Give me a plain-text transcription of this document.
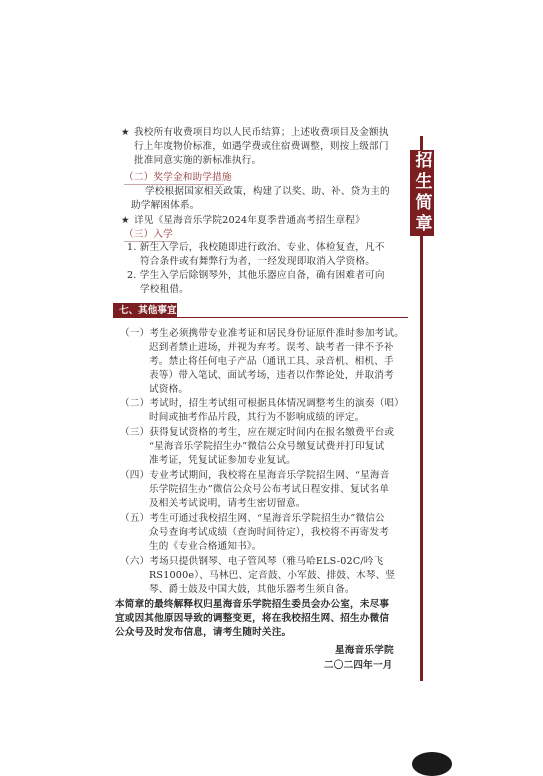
招生简章
★ 我校所有收费项目均以人民币结算；上述收费项目及金额执
行上年度物价标准，如遇学费或住宿费调整，则按上级部门
批准同意实施的新标准执行。
（二）奖学金和助学措施
学校根据国家相关政策，构建了以奖、助、补、贷为主的
助学解困体系。
★ 详见《星海音乐学院2024年夏季普通高考招生章程》
（三）入学
1. 新生入学后，我校随即进行政治、专业、体检复查，凡不
符合条件或有舞弊行为者，一经发现即取消入学资格。
2. 学生入学后除钢琴外，其他乐器应自备，确有困难者可向
学校租借。
七、其他事宜
（一）考生必须携带专业准考证和居民身份证原件准时参加考试。
迟到者禁止进场，并视为弃考。误考、缺考者一律不予补
考。禁止将任何电子产品（通讯工具、录音机、相机、手
表等）带入笔试、面试考场，违者以作弊论处，并取消考
试资格。
（二）考试时，招生考试组可根据具体情况调整考生的演奏（唱）
时间或抽考作品片段，其行为不影响成绩的评定。
（三）获得复试资格的考生，应在规定时间内在报名缴费平台或
“星海音乐学院招生办”微信公众号缴复试费并打印复试
准考证，凭复试证参加专业复试。
（四）专业考试期间，我校将在星海音乐学院招生网、“星海音
乐学院招生办”微信公众号公布考试日程安排、复试名单
及相关考试说明，请考生密切留意。
（五）考生可通过我校招生网、“星海音乐学院招生办”微信公
众号查询考试成绩（查询时间待定），我校将不再寄发考
生的《专业合格通知书》。
（六）考场只提供钢琴、电子管风琴（雅马哈ELS-02C/吟飞
RS1000e）、马林巴、定音鼓、小军鼓、排鼓、木琴、竖
琴、爵士鼓及中国大鼓，其他乐器考生须自备。
本简章的最终解释权归星海音乐学院招生委员会办公室，未尽事
宜或因其他原因导致的调整变更，将在我校招生网、招生办微信
公众号及时发布信息，请考生随时关注。
星海音乐学院
二〇二四年一月
